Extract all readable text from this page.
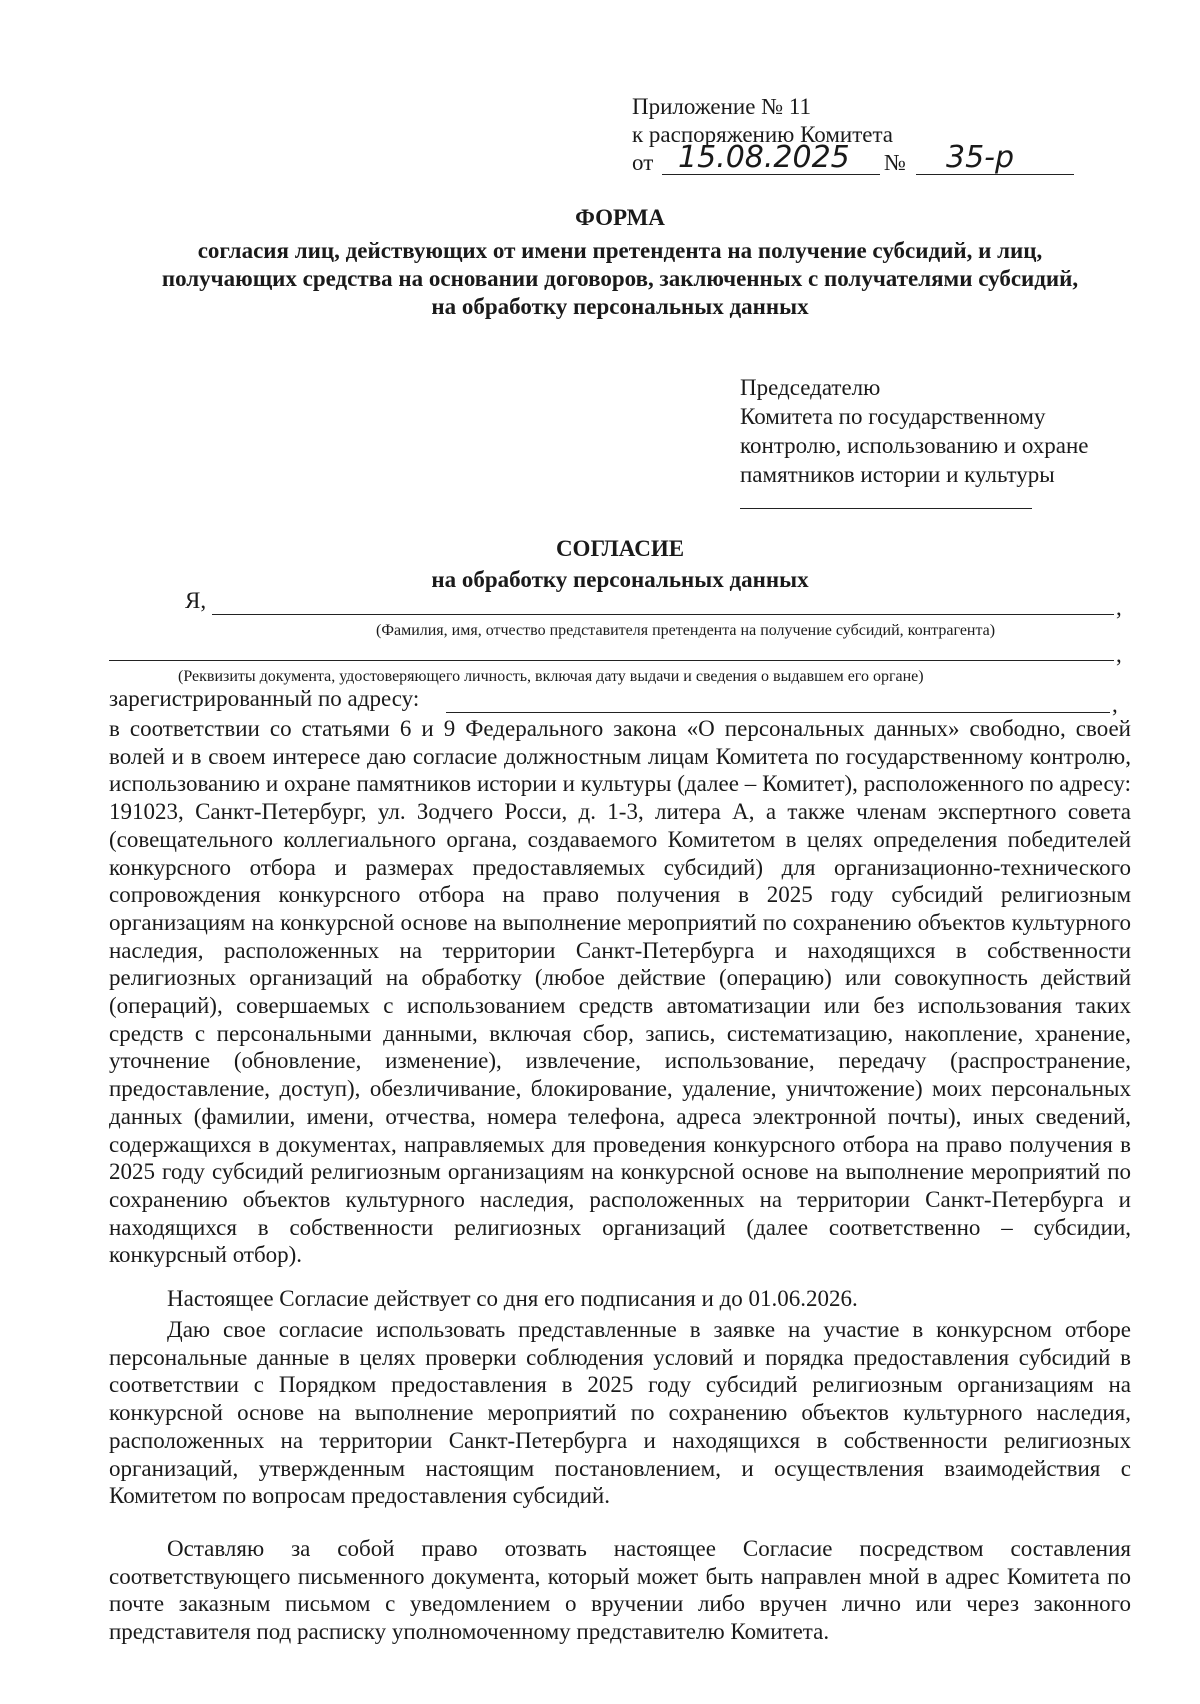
Приложение № 11
к распоряжению Комитета
от 15.08.2025 № 35-р
ФОРМА
согласия лиц, действующих от имени претендента на получение субсидий, и лиц,
получающих средства на основании договоров, заключенных с получателями субсидий,
на обработку персональных данных
Председателю
Комитета по государственному
контролю, использованию и охране
памятников истории и культуры
СОГЛАСИЕ
на обработку персональных данных
Я,	,
(Фамилия, имя, отчество представителя претендента на получение субсидий, контрагента)
,
(Реквизиты документа, удостоверяющего личность, включая дату выдачи и сведения о выдавшем его органе)
зарегистрированный по адресу:	,
в соответствии со статьями 6 и 9 Федерального закона «О персональных данных» свободно, своей волей и в своем интересе даю согласие должностным лицам Комитета по государственному контролю, использованию и охране памятников истории и культуры (далее – Комитет), расположенного по адресу: 191023, Санкт-Петербург, ул. Зодчего Росси, д. 1-3, литера А, а также членам экспертного совета (совещательного коллегиального органа, создаваемого Комитетом в целях определения победителей конкурсного отбора и размерах предоставляемых субсидий) для организационно-технического сопровождения конкурсного отбора на право получения в 2025 году субсидий религиозным организациям на конкурсной основе на выполнение мероприятий по сохранению объектов культурного наследия, расположенных на территории Санкт-Петербурга и находящихся в собственности религиозных организаций на обработку (любое действие (операцию) или совокупность действий (операций), совершаемых с использованием средств автоматизации или без использования таких средств с персональными данными, включая сбор, запись, систематизацию, накопление, хранение, уточнение (обновление, изменение), извлечение, использование, передачу (распространение, предоставление, доступ), обезличивание, блокирование, удаление, уничтожение) моих персональных данных (фамилии, имени, отчества, номера телефона, адреса электронной почты), иных сведений, содержащихся в документах, направляемых для проведения конкурсного отбора на право получения в 2025 году субсидий религиозным организациям на конкурсной основе на выполнение мероприятий по сохранению объектов культурного наследия, расположенных на территории Санкт-Петербурга и находящихся в собственности религиозных организаций (далее соответственно – субсидии, конкурсный отбор).
Настоящее Согласие действует со дня его подписания и до 01.06.2026.
Даю свое согласие использовать представленные в заявке на участие в конкурсном отборе персональные данные в целях проверки соблюдения условий и порядка предоставления субсидий в соответствии с Порядком предоставления в 2025 году субсидий религиозным организациям на конкурсной основе на выполнение мероприятий по сохранению объектов культурного наследия, расположенных на территории Санкт-Петербурга и находящихся в собственности религиозных организаций, утвержденным настоящим постановлением, и осуществления взаимодействия с Комитетом по вопросам предоставления субсидий.
Оставляю за собой право отозвать настоящее Согласие посредством составления соответствующего письменного документа, который может быть направлен мной в адрес Комитета по почте заказным письмом с уведомлением о вручении либо вручен лично или через законного представителя под расписку уполномоченному представителю Комитета.
